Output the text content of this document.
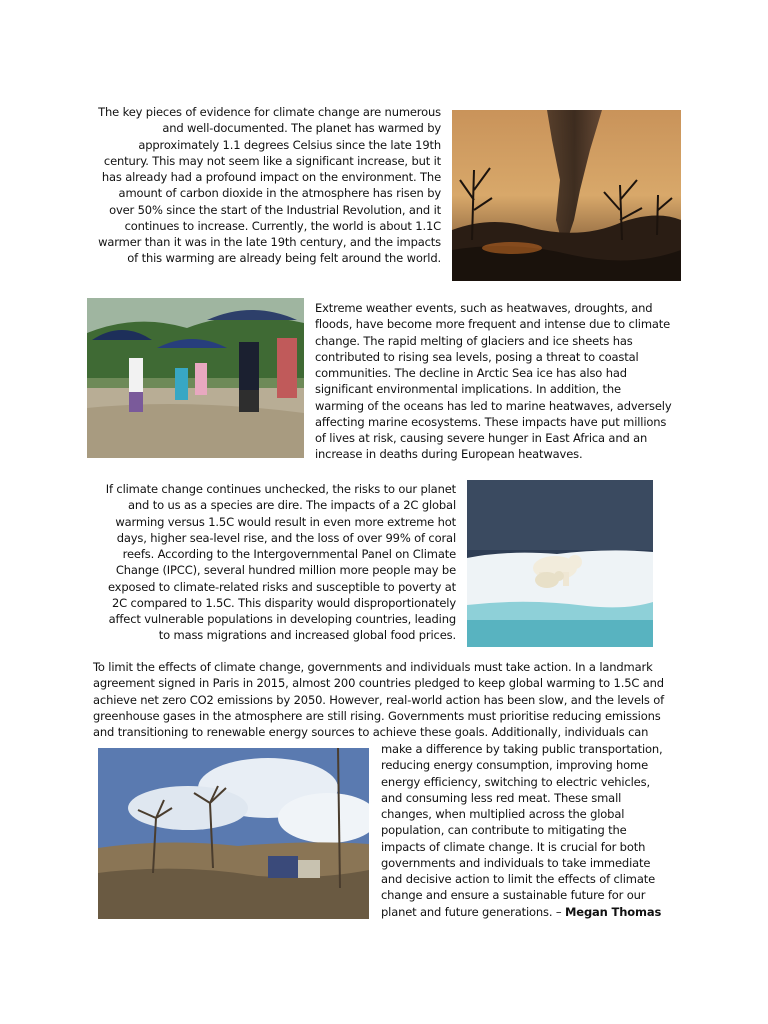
The key pieces of evidence for climate change are numerous and well-documented. The planet has warmed by approximately 1.1 degrees Celsius since the late 19th century. This may not seem like a significant increase, but it has already had a profound impact on the environment. The amount of carbon dioxide in the atmosphere has risen by over 50% since the start of the Industrial Revolution, and it continues to increase. Currently, the world is about 1.1C warmer than it was in the late 19th century, and the impacts of this warming are already being felt around the world.

Extreme weather events, such as heatwaves, droughts, and floods, have become more frequent and intense due to climate change. The rapid melting of glaciers and ice sheets has contributed to rising sea levels, posing a threat to coastal communities. The decline in Arctic Sea ice has also had significant environmental implications. In addition, the warming of the oceans has led to marine heatwaves, adversely affecting marine ecosystems. These impacts have put millions of lives at risk, causing severe hunger in East Africa and an increase in deaths during European heatwaves.

If climate change continues unchecked, the risks to our planet and to us as a species are dire. The impacts of a 2C global warming versus 1.5C would result in even more extreme hot days, higher sea-level rise, and the loss of over 99% of coral reefs. According to the Intergovernmental Panel on Climate Change (IPCC), several hundred million more people may be exposed to climate-related risks and susceptible to poverty at 2C compared to 1.5C. This disparity would disproportionately affect vulnerable populations in developing countries, leading to mass migrations and increased global food prices.

To limit the effects of climate change, governments and individuals must take action. In a landmark agreement signed in Paris in 2015, almost 200 countries pledged to keep global warming to 1.5C and achieve net zero CO2 emissions by 2050. However, real-world action has been slow, and the levels of greenhouse gases in the atmosphere are still rising. Governments must prioritise reducing emissions and transitioning to renewable energy sources to achieve these goals. Additionally, individuals can

make a difference by taking public transportation, reducing energy consumption, improving home energy efficiency, switching to electric vehicles, and consuming less red meat. These small changes, when multiplied across the global population, can contribute to mitigating the impacts of climate change. It is crucial for both governments and individuals to take immediate and decisive action to limit the effects of climate change and ensure a sustainable future for our planet and future generations. – Megan Thomas
